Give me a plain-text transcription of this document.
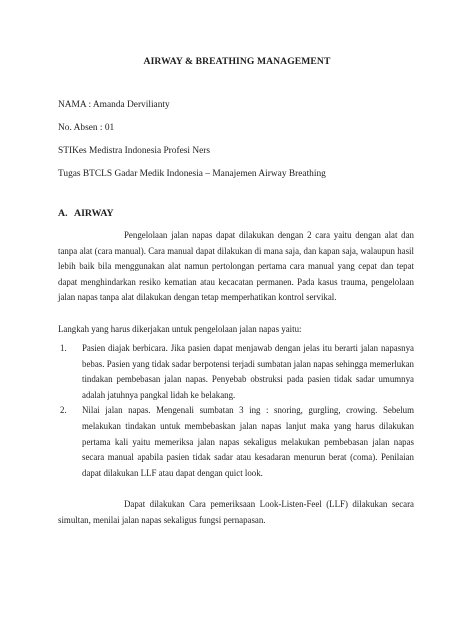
AIRWAY & BREATHING MANAGEMENT
NAMA : Amanda Dervilianty
No. Absen : 01
STIKes Medistra Indonesia Profesi Ners
Tugas BTCLS Gadar Medik Indonesia – Manajemen Airway Breathing
A. AIRWAY
Pengelolaan jalan napas dapat dilakukan dengan 2 cara yaitu dengan alat dan tanpa alat (cara manual). Cara manual dapat dilakukan di mana saja, dan kapan saja, walaupun hasil lebih baik bila menggunakan alat namun pertolongan pertama cara manual yang cepat dan tepat dapat menghindarkan resiko kematian atau kecacatan permanen. Pada kasus trauma, pengelolaan jalan napas tanpa alat dilakukan dengan tetap memperhatikan kontrol servikal.
Langkah yang harus dikerjakan untuk pengelolaan jalan napas yaitu:
1. Pasien diajak berbicara. Jika pasien dapat menjawab dengan jelas itu berarti jalan napasnya bebas. Pasien yang tidak sadar berpotensi terjadi sumbatan jalan napas sehingga memerlukan tindakan pembebasan jalan napas. Penyebab obstruksi pada pasien tidak sadar umumnya adalah jatuhnya pangkal lidah ke belakang.
2. Nilai jalan napas. Mengenali sumbatan 3 ing : snoring, gurgling, crowing. Sebelum melakukan tindakan untuk membebaskan jalan napas lanjut maka yang harus dilakukan pertama kali yaitu memeriksa jalan napas sekaligus melakukan pembebasan jalan napas secara manual apabila pasien tidak sadar atau kesadaran menurun berat (coma). Penilaian dapat dilakukan LLF atau dapat dengan quict look.
Dapat dilakukan Cara pemeriksaan Look-Listen-Feel (LLF) dilakukan secara simultan, menilai jalan napas sekaligus fungsi pernapasan.
